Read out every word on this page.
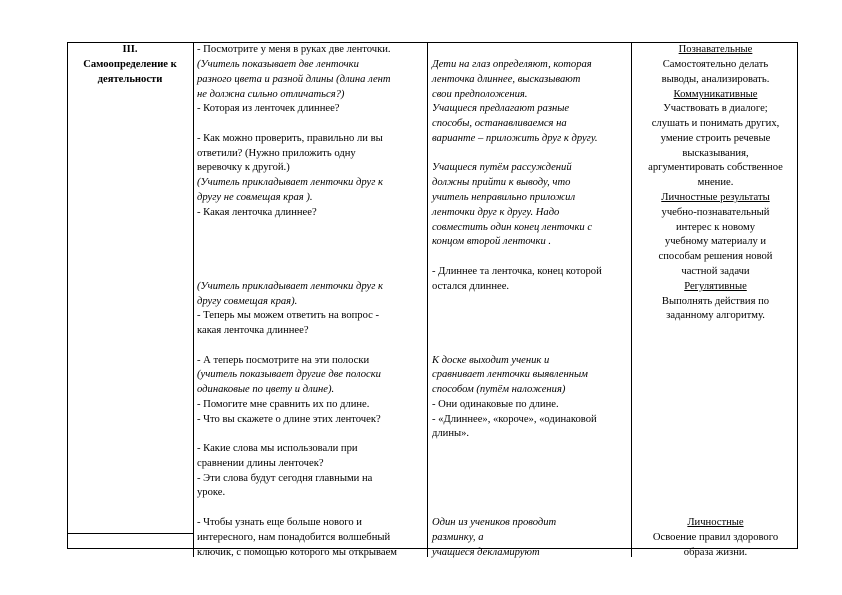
III.

Самоопределение к

деятельности

- Посмотрите у меня в руках две ленточки.
(Учитель показывает две ленточки
разного цвета и разной длины (длина лент
не должна сильно отличаться?)
- Которая из ленточек длиннее?
- Как можно проверить, правильно ли вы
ответили? (Нужно приложить одну
веревочку к другой.)
(Учитель прикладывает ленточки друг к
другу не совмещая края ).
- Какая ленточка длиннее?
(Учитель прикладывает ленточки друг к
другу совмещая края).
- Теперь мы можем ответить на вопрос -
какая ленточка длиннее?
- А теперь посмотрите на эти полоски
(учитель показывает другие две полоски
одинаковые по цвету и длине).
- Помогите мне сравнить их по длине.
- Что вы скажете о длине этих ленточек?
- Какие слова мы использовали при
сравнении длины ленточек?
- Эти слова будут сегодня главными на
уроке.
- Чтобы узнать еще больше нового и
интересного, нам понадобится волшебный
ключик, с помощью которого мы открываем
Дети на глаз определяют, которая
ленточка длиннее, высказывают
свои предположения.
Учащиеся предлагают разные
способы, останавливаемся на
варианте – приложить друг к другу.
Учащиеся путём рассуждений
должны прийти к выводу, что
учитель неправильно приложил
ленточки друг к другу. Надо
совместить один конец ленточки с
концом второй ленточки .
- Длиннее та ленточка, конец которой
остался длиннее.
К доске выходит ученик и
сравнивает ленточки выявленным
способом (путём наложения)
- Они одинаковые по длине.
- «Длиннее», «короче», «одинаковой
длины».
Один из учеников проводит
разминку, а
учащиеся декламируют
Познавательные
Самостоятельно делать
выводы, анализировать.
Коммуникативные
Участвовать в диалоге;
слушать и понимать других,
умение строить речевые
высказывания,
аргументировать собственное
мнение.
Личностные результаты
учебно-познавательный
интерес к новому
учебному материалу и
способам решения новой
частной задачи
Регулятивные
Выполнять действия по
заданному алгоритму.
Личностные
Освоение правил здорового
образа жизни.
